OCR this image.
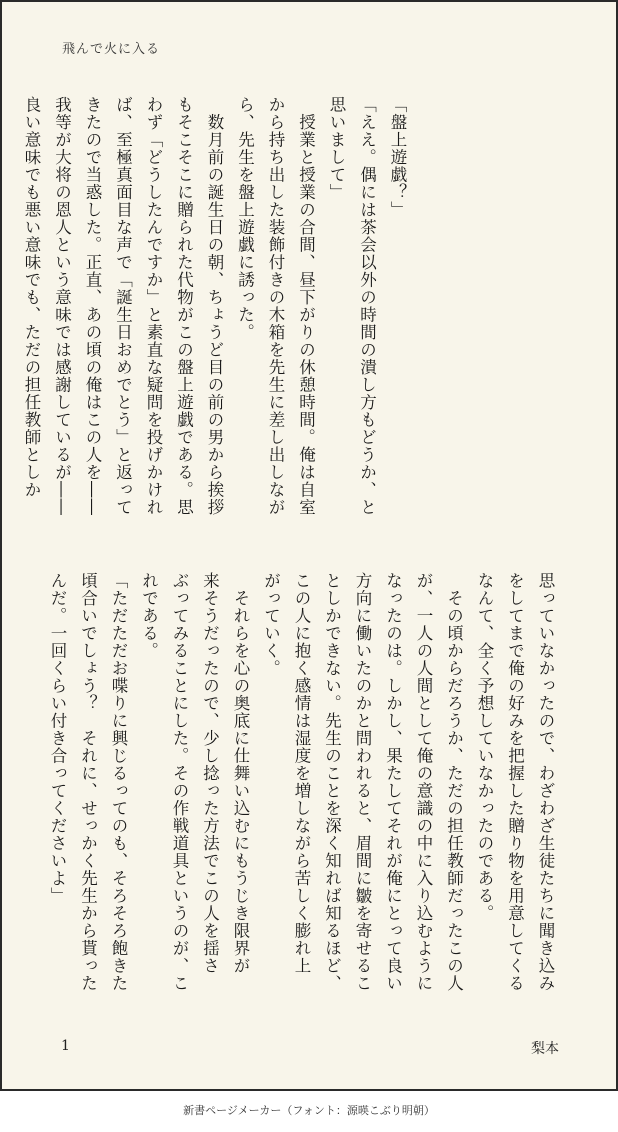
飛んで火に入る
「盤上遊戯？」
「ええ。偶には茶会以外の時間の潰し方もどうか、と
思いまして」
　授業と授業の合間、昼下がりの休憩時間。俺は自室
から持ち出した装飾付きの木箱を先生に差し出しなが
ら、先生を盤上遊戯に誘った。
　数月前の誕生日の朝、ちょうど目の前の男から挨拶
もそこそこに贈られた代物がこの盤上遊戯である。思
わず「どうしたんですか」と素直な疑問を投げかけれ
ば、至極真面目な声で「誕生日おめでとう」と返って
きたので当惑した。正直、あの頃の俺はこの人を――
我等が大将の恩人という意味では感謝しているが――
良い意味でも悪い意味でも、ただの担任教師としか
思っていなかったので、わざわざ生徒たちに聞き込み
をしてまで俺の好みを把握した贈り物を用意してくる
なんて、全く予想していなかったのである。
　その頃からだろうか、ただの担任教師だったこの人
が、一人の人間として俺の意識の中に入り込むように
なったのは。しかし、果たしてそれが俺にとって良い
方向に働いたのかと問われると、眉間に皺を寄せるこ
としかできない。先生のことを深く知れば知るほど、
この人に抱く感情は湿度を増しながら苦しく膨れ上
がっていく。
　それらを心の奥底に仕舞い込むにもうじき限界が
来そうだったので、少し捻った方法でこの人を揺さ
ぶってみることにした。その作戦道具というのが、こ
れである。
「ただただお喋りに興じるってのも、そろそろ飽きた
頃合いでしょう？　それに、せっかく先生から貰った
んだ。一回くらい付き合ってくださいよ」
1	梨本
新書ページメーカー（フォント：源暎こぶり明朝）
